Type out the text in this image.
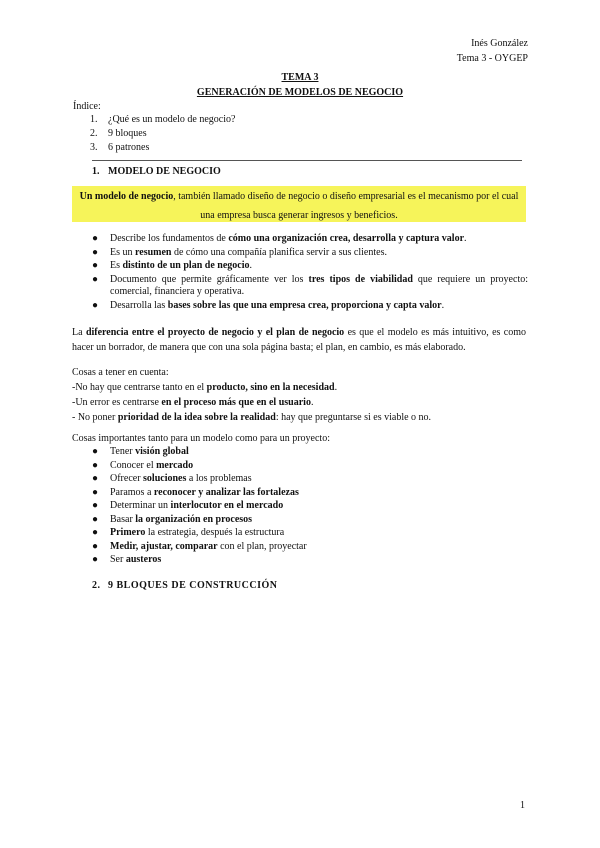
Inés González
Tema 3 - OYGEP
TEMA 3
GENERACIÓN DE MODELOS DE NEGOCIO
Índice:
1. ¿Qué es un modelo de negocio?
2. 9 bloques
3. 6 patrones
1. MODELO DE NEGOCIO

Un modelo de negocio, también llamado diseño de negocio o diseño empresarial es el mecanismo por el cual

una empresa busca generar ingresos y beneficios.

● Describe los fundamentos de cómo una organización crea, desarrolla y captura valor.
● Es un resumen de cómo una compañía planifica servir a sus clientes.
● Es distinto de un plan de negocio.
● Documento que permite gráficamente ver los tres tipos de viabilidad que requiere un proyecto: comercial, financiera y operativa.
● Desarrolla las bases sobre las que una empresa crea, proporciona y capta valor.
La diferencia entre el proyecto de negocio y el plan de negocio es que el modelo es más intuitivo, es como hacer un borrador, de manera que con una sola página basta; el plan, en cambio, es más elaborado.
Cosas a tener en cuenta:
-No hay que centrarse tanto en el producto, sino en la necesidad.
-Un error es centrarse en el proceso más que en el usuario.
- No poner prioridad de la idea sobre la realidad: hay que preguntarse si es viable o no.
Cosas importantes tanto para un modelo como para un proyecto:
● Tener visión global
● Conocer el mercado
● Ofrecer soluciones a los problemas
● Paramos a reconocer y analizar las fortalezas
● Determinar un interlocutor en el mercado
● Basar la organización en procesos
● Primero la estrategia, después la estructura
● Medir, ajustar, comparar con el plan, proyectar
● Ser austeros
2. 9 BLOQUES DE CONSTRUCCIÓN
1
